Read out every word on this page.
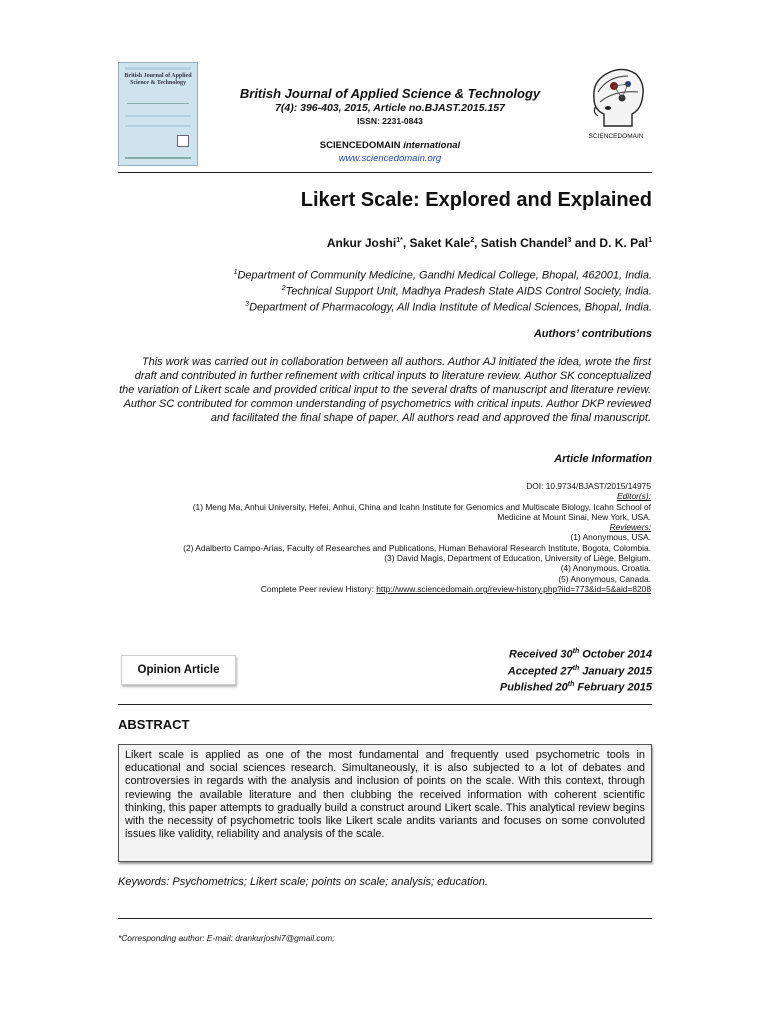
British Journal of Applied Science & Technology
British Journal of Applied Science & Technology
7(4): 396-403, 2015, Article no.BJAST.2015.157
ISSN: 2231-0843
SCIENCEDOMAIN international
www.sciencedomain.org
SCIENCEDOMAIN
Likert Scale: Explored and Explained
Ankur Joshi$^{1*}$, Saket Kale$^2$, Satish Chandel$^3$ and D. K. Pal$^1$
$^1$Department of Community Medicine, Gandhi Medical College, Bhopal, 462001, India.
$^2$Technical Support Unit, Madhya Pradesh State AIDS Control Society, India.
$^3$Department of Pharmacology, All India Institute of Medical Sciences, Bhopal, India.
Authors’ contributions
This work was carried out in collaboration between all authors. Author AJ initiated the idea, wrote the first draft and contributed in further refinement with critical inputs to literature review. Author SK conceptualized the variation of Likert scale and provided critical input to the several drafts of manuscript and literature review. Author SC contributed for common understanding of psychometrics with critical inputs. Author DKP reviewed and facilitated the final shape of paper. All authors read and approved the final manuscript.
Article Information
DOI: 10.9734/BJAST/2015/14975
Editor(s):
(1) Meng Ma, Anhui University, Hefei, Anhui, China and Icahn Institute for Genomics and Multiscale Biology, Icahn School of
Medicine at Mount Sinai, New York, USA.
Reviewers:
(1) Anonymous, USA.
(2) Adalberto Campo-Arias, Faculty of Researches and Publications, Human Behavioral Research Institute, Bogota, Colombia.
(3) David Magis, Department of Education, University of Liège, Belgium.
(4) Anonymous, Croatia.
(5) Anonymous, Canada.
Complete Peer review History: http://www.sciencedomain.org/review-history.php?iid=773&id=5&aid=8208
Opinion Article
Received 30th October 2014
Accepted 27th January 2015
Published 20th February 2015
ABSTRACT
Likert scale is applied as one of the most fundamental and frequently used psychometric tools in educational and social sciences research. Simultaneously, it is also subjected to a lot of debates and controversies in regards with the analysis and inclusion of points on the scale. With this context, through reviewing the available literature and then clubbing the received information with coherent scientific thinking, this paper attempts to gradually build a construct around Likert scale. This analytical review begins with the necessity of psychometric tools like Likert scale andits variants and focuses on some convoluted issues like validity, reliability and analysis of the scale.
Keywords: Psychometrics; Likert scale; points on scale; analysis; education.
*Corresponding author: E-mail: drankurjoshi7@gmail.com;
